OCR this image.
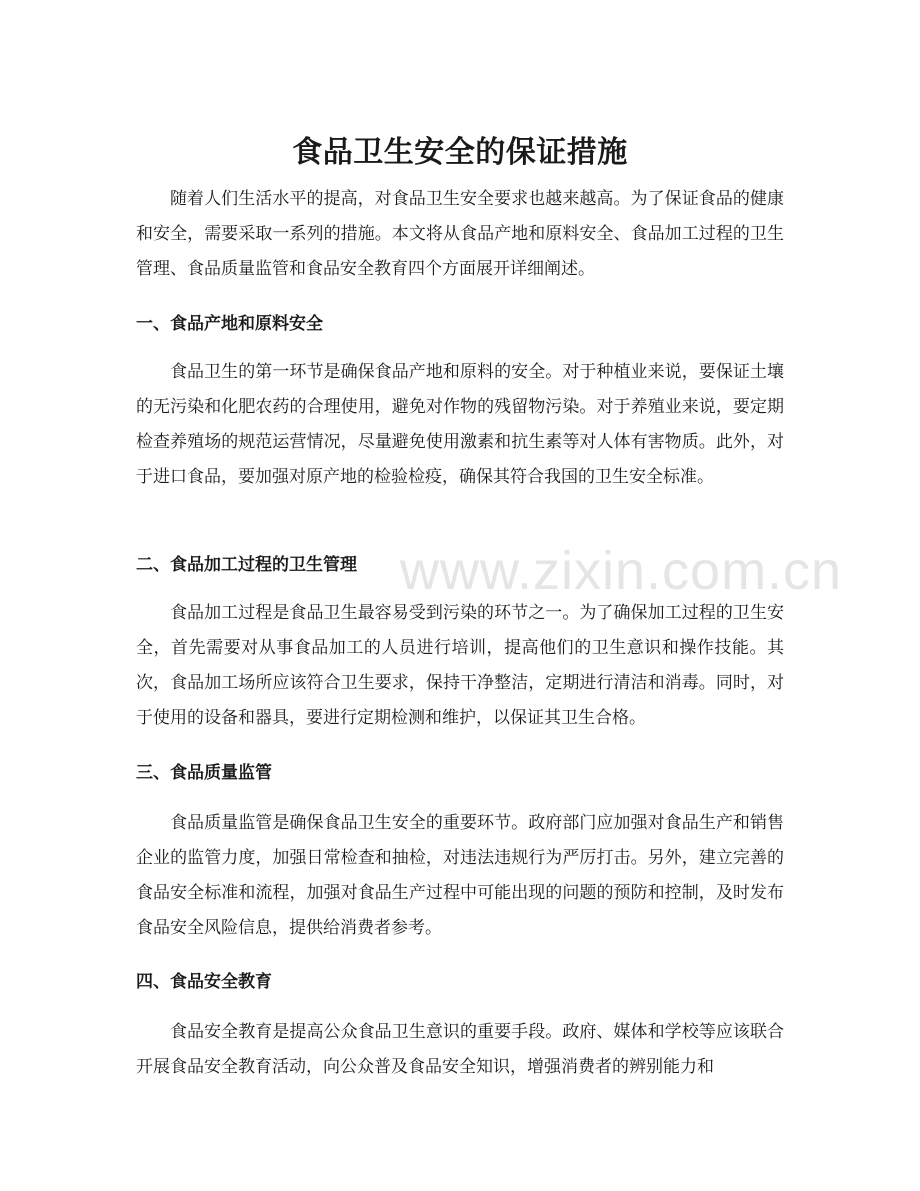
食品卫生安全的保证措施

随着人们生活水平的提高，对食品卫生安全要求也越来越高。为了保证食品的健康和安全，需要采取一系列的措施。本文将从食品产地和原料安全、食品加工过程的卫生管理、食品质量监管和食品安全教育四个方面展开详细阐述。

一、食品产地和原料安全

食品卫生的第一环节是确保食品产地和原料的安全。对于种植业来说，要保证土壤的无污染和化肥农药的合理使用，避免对作物的残留物污染。对于养殖业来说，要定期检查养殖场的规范运营情况，尽量避免使用激素和抗生素等对人体有害物质。此外，对于进口食品，要加强对原产地的检验检疫，确保其符合我国的卫生安全标准。

二、食品加工过程的卫生管理

食品加工过程是食品卫生最容易受到污染的环节之一。为了确保加工过程的卫生安全，首先需要对从事食品加工的人员进行培训，提高他们的卫生意识和操作技能。其次，食品加工场所应该符合卫生要求，保持干净整洁，定期进行清洁和消毒。同时，对于使用的设备和器具，要进行定期检测和维护，以保证其卫生合格。

三、食品质量监管

食品质量监管是确保食品卫生安全的重要环节。政府部门应加强对食品生产和销售企业的监管力度，加强日常检查和抽检，对违法违规行为严厉打击。另外，建立完善的食品安全标准和流程，加强对食品生产过程中可能出现的问题的预防和控制，及时发布食品安全风险信息，提供给消费者参考。

四、食品安全教育

食品安全教育是提高公众食品卫生意识的重要手段。政府、媒体和学校等应该联合开展食品安全教育活动，向公众普及食品安全知识，增强消费者的辨别能力和

www.zixin.com.cn
